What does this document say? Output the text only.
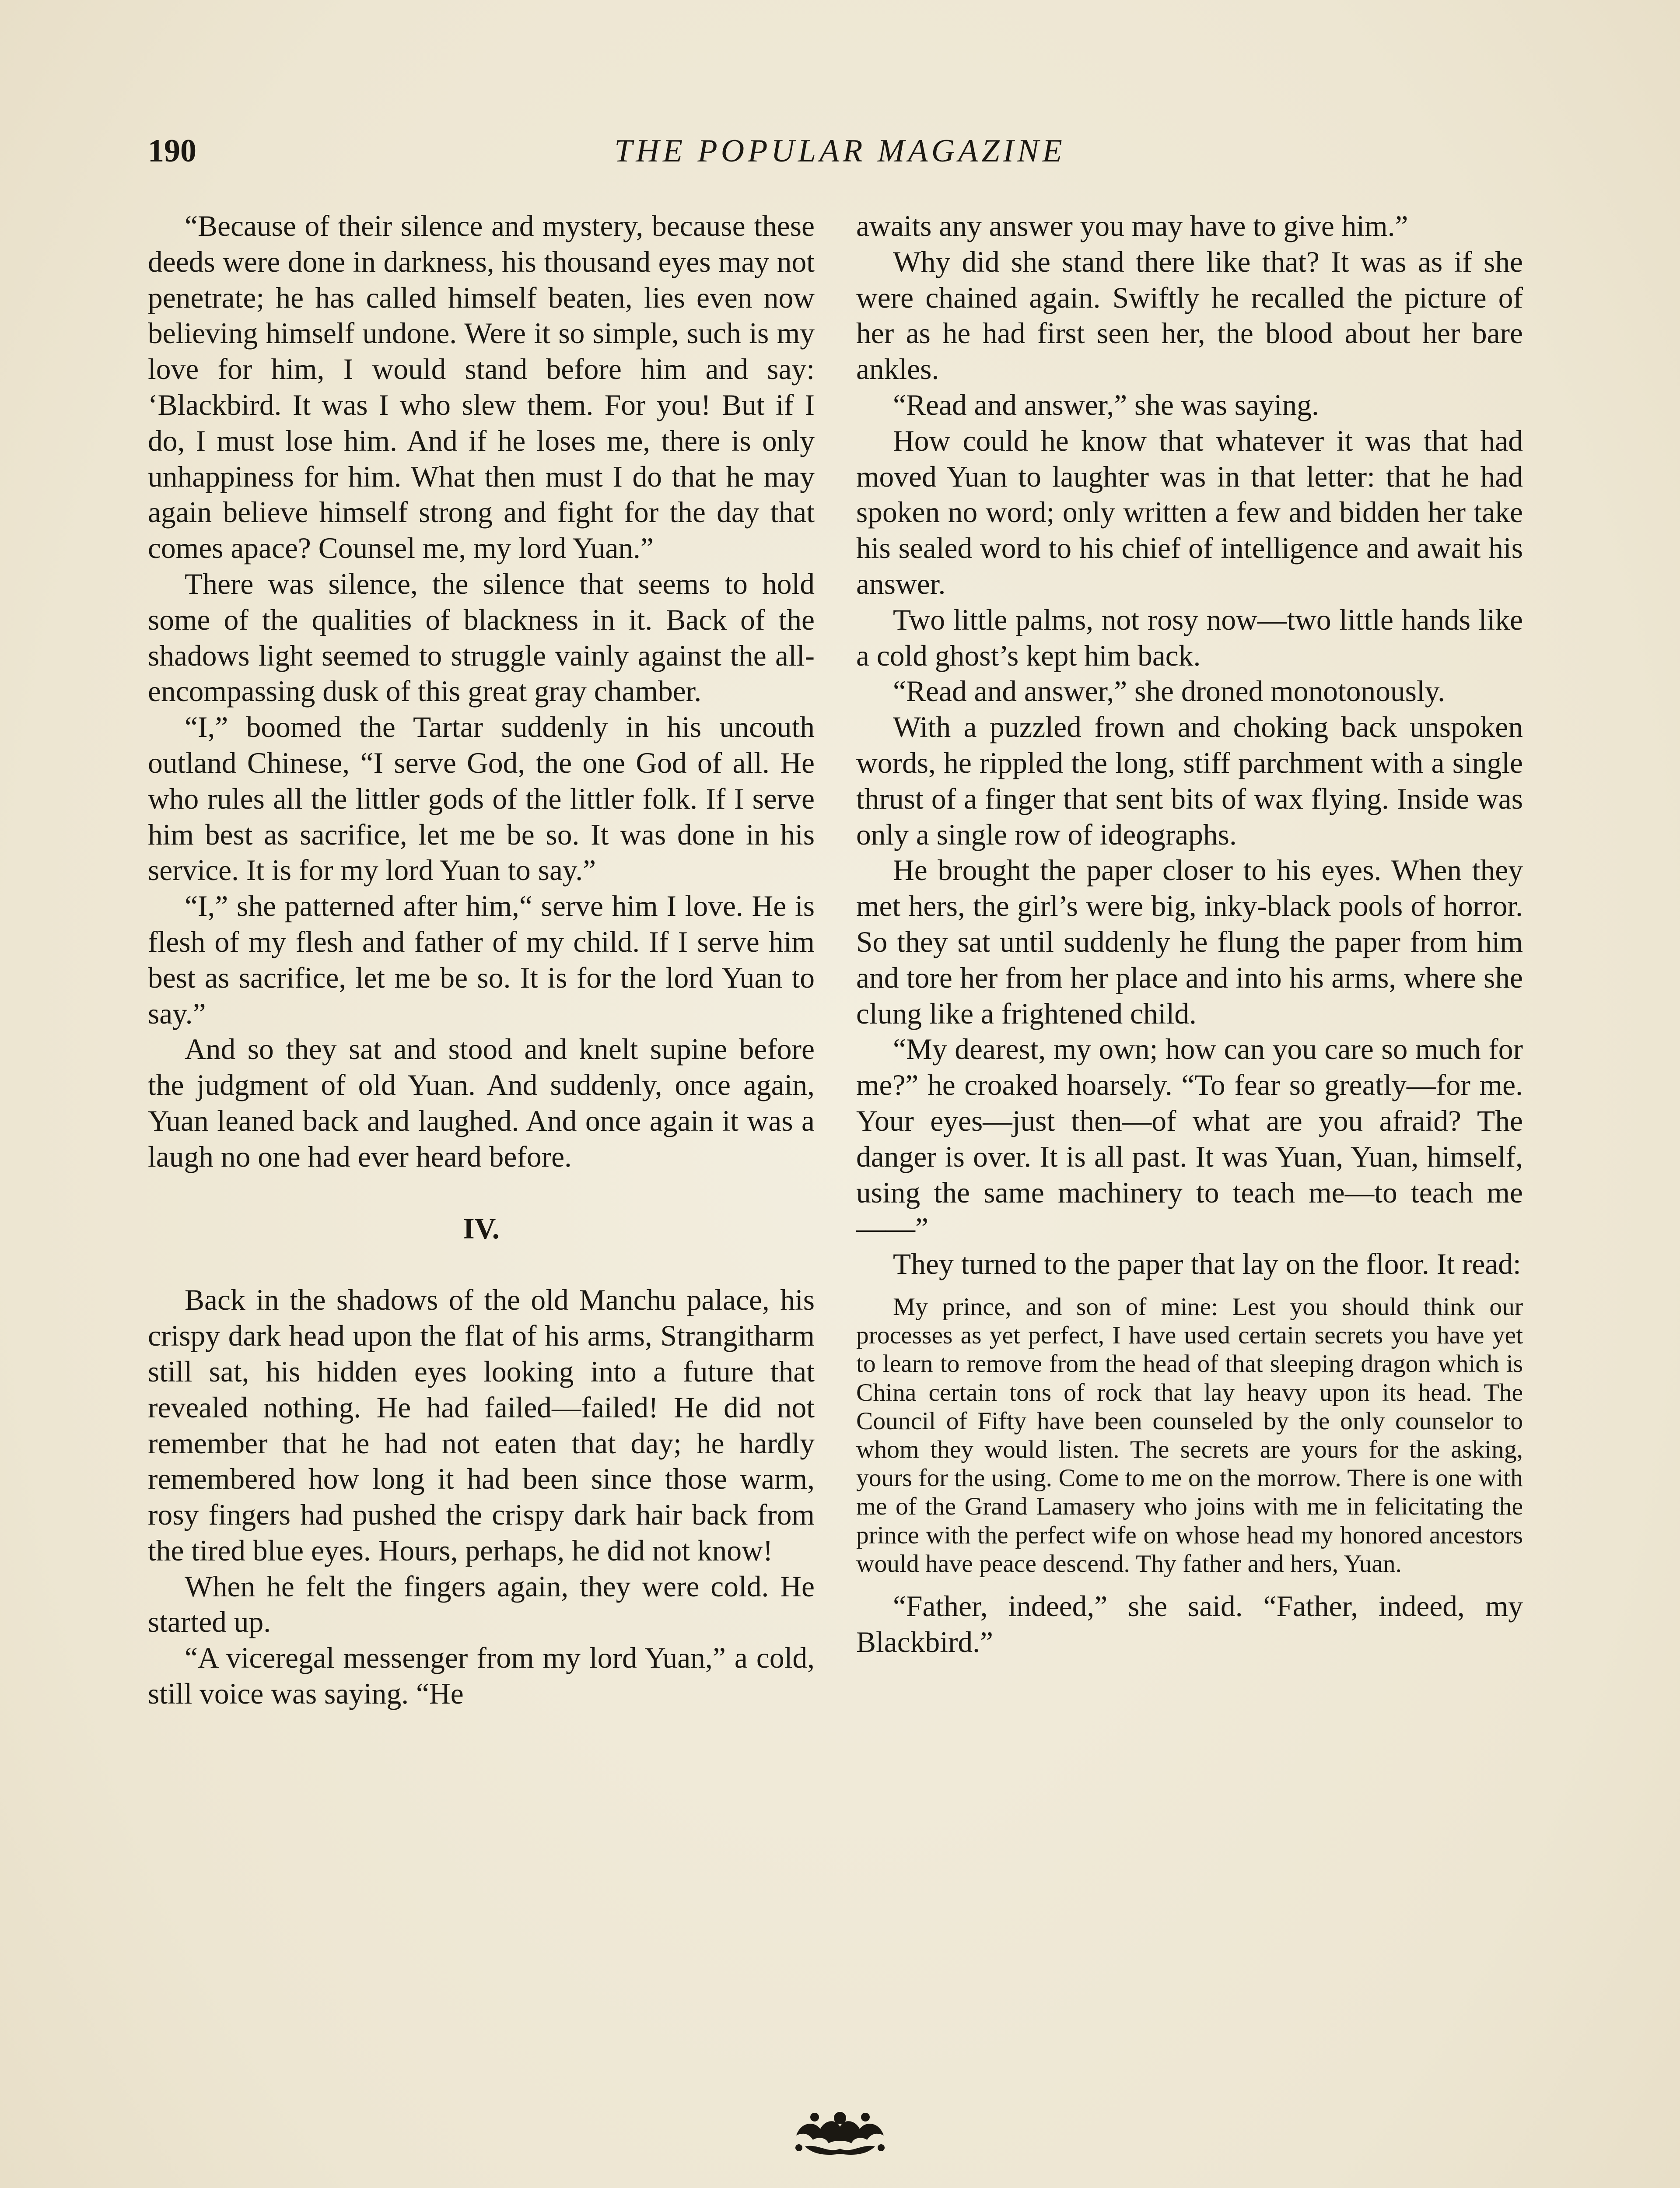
190	THE POPULAR MAGAZINE

“Because of their silence and mystery, because these deeds were done in darkness, his thousand eyes may not penetrate; he has called himself beaten, lies even now believing himself undone. Were it so simple, such is my love for him, I would stand before him and say: ‘Blackbird. It was I who slew them. For you! But if I do, I must lose him. And if he loses me, there is only unhappiness for him. What then must I do that he may again believe himself strong and fight for the day that comes apace? Counsel me, my lord Yuan.”

There was silence, the silence that seems to hold some of the qualities of blackness in it. Back of the shadows light seemed to struggle vainly against the all-encompassing dusk of this great gray chamber.

“I,” boomed the Tartar suddenly in his uncouth outland Chinese, “I serve God, the one God of all. He who rules all the littler gods of the littler folk. If I serve him best as sacrifice, let me be so. It was done in his service. It is for my lord Yuan to say.”

“I,” she patterned after him,“ serve him I love. He is flesh of my flesh and father of my child. If I serve him best as sacrifice, let me be so. It is for the lord Yuan to say.”

And so they sat and stood and knelt supine before the judgment of old Yuan. And suddenly, once again, Yuan leaned back and laughed. And once again it was a laugh no one had ever heard before.

IV.

Back in the shadows of the old Manchu palace, his crispy dark head upon the flat of his arms, Strangitharm still sat, his hidden eyes looking into a future that revealed nothing. He had failed—failed! He did not remember that he had not eaten that day; he hardly remembered how long it had been since those warm, rosy fingers had pushed the crispy dark hair back from the tired blue eyes. Hours, perhaps, he did not know!

When he felt the fingers again, they were cold. He started up.

“A viceregal messenger from my lord Yuan,” a cold, still voice was saying. “He

awaits any answer you may have to give him.”

Why did she stand there like that? It was as if she were chained again. Swiftly he recalled the picture of her as he had first seen her, the blood about her bare ankles.

“Read and answer,” she was saying.

How could he know that whatever it was that had moved Yuan to laughter was in that letter: that he had spoken no word; only written a few and bidden her take his sealed word to his chief of intelligence and await his answer.

Two little palms, not rosy now—two little hands like a cold ghost’s kept him back.

“Read and answer,” she droned monotonously.

With a puzzled frown and choking back unspoken words, he rippled the long, stiff parchment with a single thrust of a finger that sent bits of wax flying. Inside was only a single row of ideographs.

He brought the paper closer to his eyes. When they met hers, the girl’s were big, inky-black pools of horror. So they sat until suddenly he flung the paper from him and tore her from her place and into his arms, where she clung like a frightened child.

“My dearest, my own; how can you care so much for me?” he croaked hoarsely. “To fear so greatly—for me. Your eyes—just then—of what are you afraid? The danger is over. It is all past. It was Yuan, Yuan, himself, using the same machinery to teach me—to teach me——”

They turned to the paper that lay on the floor. It read:

My prince, and son of mine: Lest you should think our processes as yet perfect, I have used certain secrets you have yet to learn to remove from the head of that sleeping dragon which is China certain tons of rock that lay heavy upon its head. The Council of Fifty have been counseled by the only counselor to whom they would listen. The secrets are yours for the asking, yours for the using. Come to me on the morrow. There is one with me of the Grand Lamasery who joins with me in felicitating the prince with the perfect wife on whose head my honored ancestors would have peace descend. Thy father and hers, Yuan.

“Father, indeed,” she said. “Father, indeed, my Blackbird.”
